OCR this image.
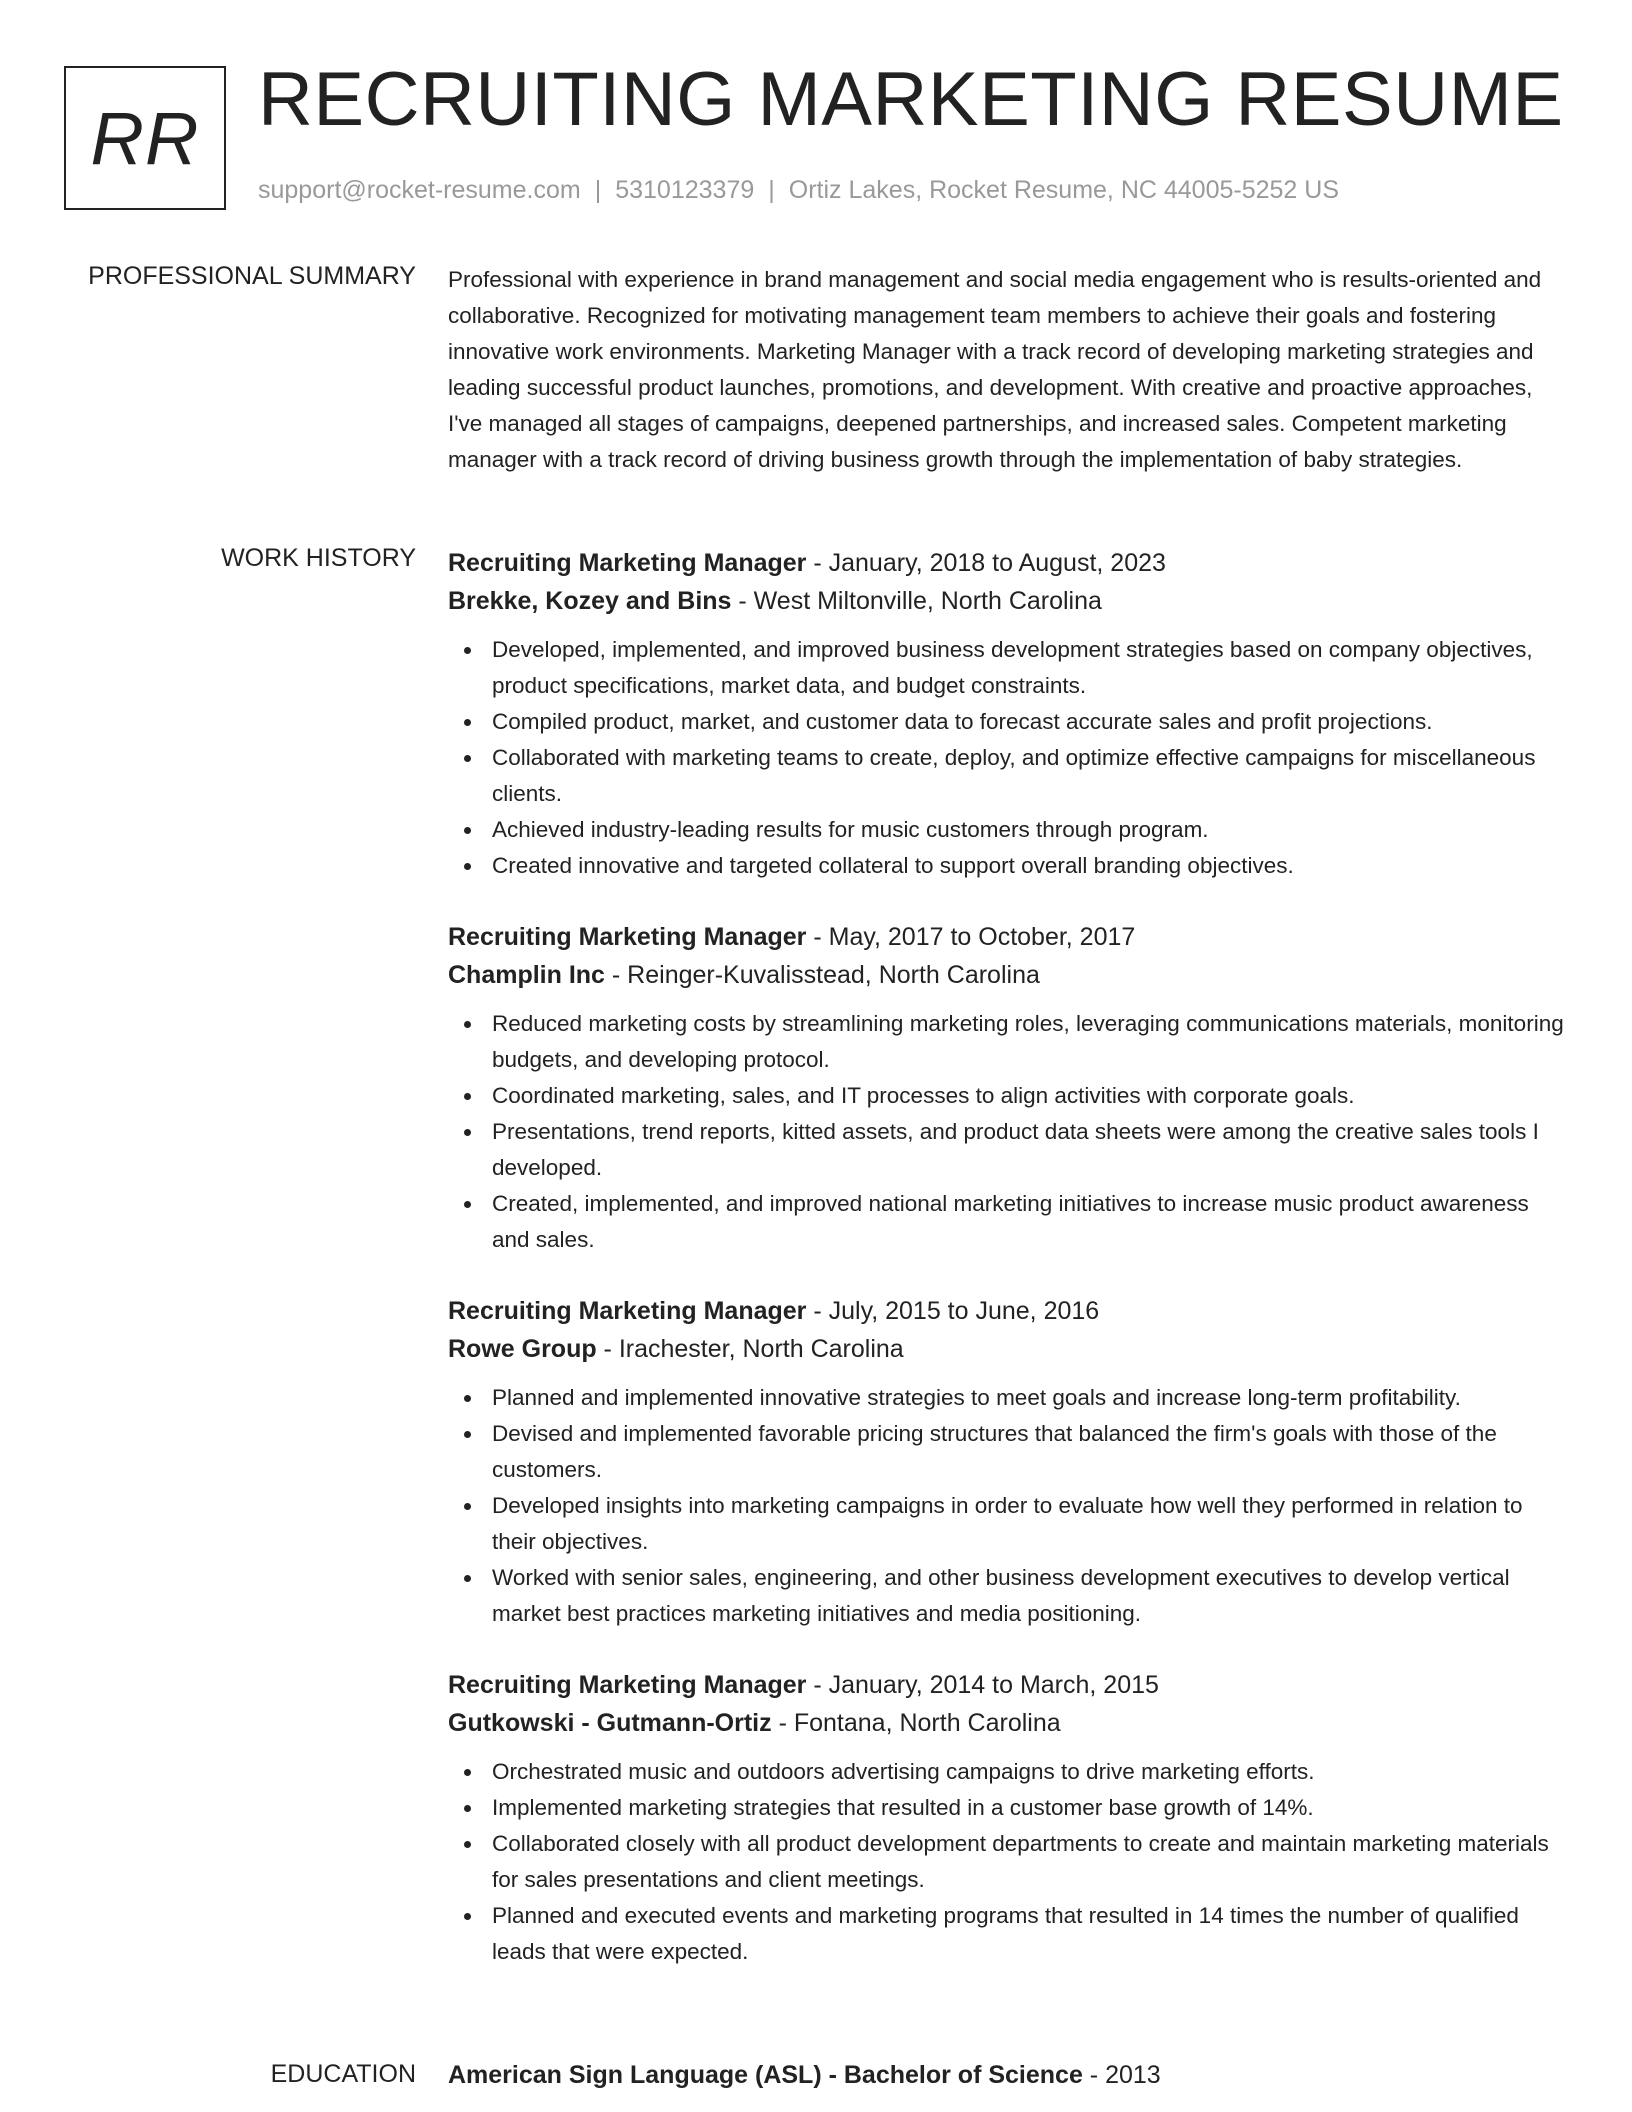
RR RECRUITING MARKETING RESUME
support@rocket-resume.com | 5310123379 | Ortiz Lakes, Rocket Resume, NC 44005-5252 US
PROFESSIONAL SUMMARY Professional with experience in brand management and social media engagement who is results-oriented and collaborative. Recognized for motivating management team members to achieve their goals and fostering innovative work environments. Marketing Manager with a track record of developing marketing strategies and leading successful product launches, promotions, and development. With creative and proactive approaches, I've managed all stages of campaigns, deepened partnerships, and increased sales. Competent marketing manager with a track record of driving business growth through the implementation of baby strategies.

WORK HISTORY Recruiting Marketing Manager - January, 2018 to August, 2023
Brekke, Kozey and Bins - West Miltonville, North Carolina
Developed, implemented, and improved business development strategies based on company objectives, product specifications, market data, and budget constraints.
Compiled product, market, and customer data to forecast accurate sales and profit projections.
Collaborated with marketing teams to create, deploy, and optimize effective campaigns for miscellaneous clients.
Achieved industry-leading results for music customers through program.
Created innovative and targeted collateral to support overall branding objectives.
Recruiting Marketing Manager - May, 2017 to October, 2017
Champlin Inc - Reinger-Kuvalisstead, North Carolina
Reduced marketing costs by streamlining marketing roles, leveraging communications materials, monitoring budgets, and developing protocol.
Coordinated marketing, sales, and IT processes to align activities with corporate goals.
Presentations, trend reports, kitted assets, and product data sheets were among the creative sales tools I developed.
Created, implemented, and improved national marketing initiatives to increase music product awareness and sales.
Recruiting Marketing Manager - July, 2015 to June, 2016
Rowe Group - Irachester, North Carolina
Planned and implemented innovative strategies to meet goals and increase long-term profitability.
Devised and implemented favorable pricing structures that balanced the firm's goals with those of the customers.
Developed insights into marketing campaigns in order to evaluate how well they performed in relation to their objectives.
Worked with senior sales, engineering, and other business development executives to develop vertical market best practices marketing initiatives and media positioning.
Recruiting Marketing Manager - January, 2014 to March, 2015
Gutkowski - Gutmann-Ortiz - Fontana, North Carolina
Orchestrated music and outdoors advertising campaigns to drive marketing efforts.
Implemented marketing strategies that resulted in a customer base growth of 14%.
Collaborated closely with all product development departments to create and maintain marketing materials for sales presentations and client meetings.
Planned and executed events and marketing programs that resulted in 14 times the number of qualified leads that were expected.
EDUCATION American Sign Language (ASL) - Bachelor of Science - 2013
